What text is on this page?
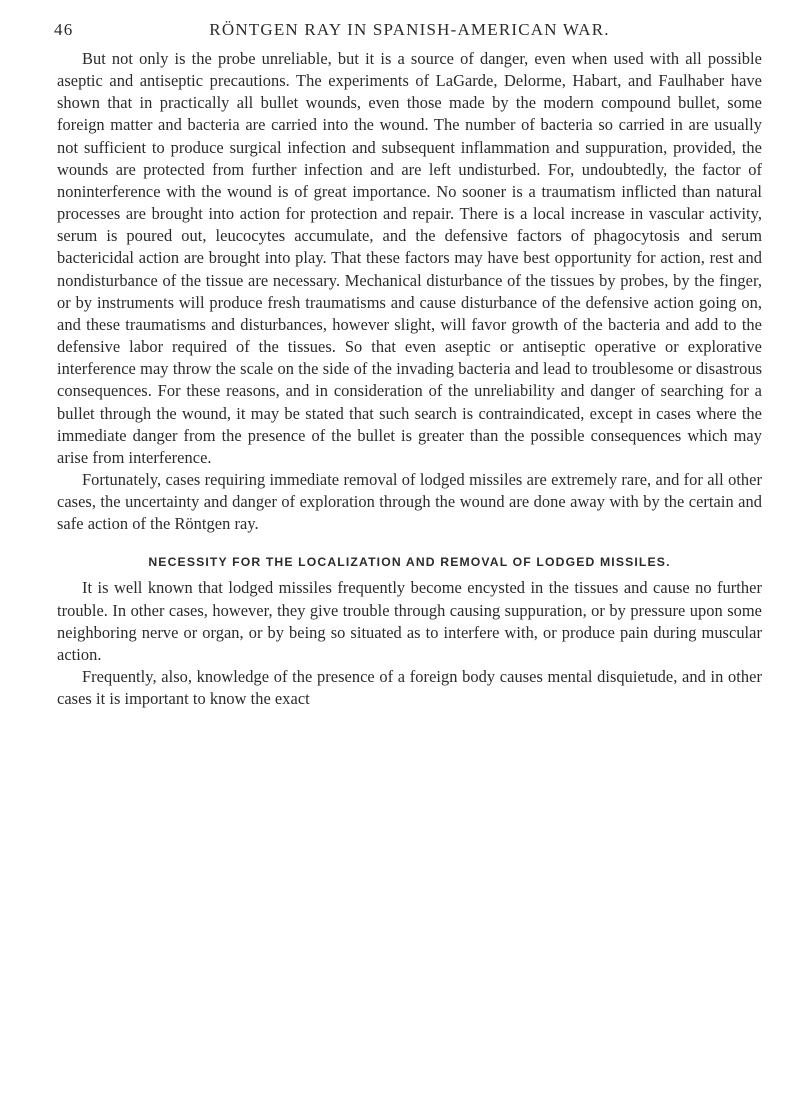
46	RÖNTGEN RAY IN SPANISH-AMERICAN WAR.

But not only is the probe unreliable, but it is a source of danger, even when used with all possible aseptic and antiseptic precautions. The experiments of LaGarde, Delorme, Habart, and Faulhaber have shown that in practically all bullet wounds, even those made by the modern compound bullet, some foreign matter and bacteria are carried into the wound. The number of bacteria so carried in are usually not sufficient to produce surgical infection and subsequent inflammation and suppuration, provided, the wounds are protected from further infection and are left undisturbed. For, undoubtedly, the factor of noninterference with the wound is of great importance. No sooner is a traumatism inflicted than natural processes are brought into action for protection and repair. There is a local increase in vascular activity, serum is poured out, leucocytes accumulate, and the defensive factors of phagocytosis and serum bactericidal action are brought into play. That these factors may have best opportunity for action, rest and nondisturbance of the tissue are necessary. Mechanical disturbance of the tissues by probes, by the finger, or by instruments will produce fresh traumatisms and cause disturbance of the defensive action going on, and these traumatisms and disturbances, however slight, will favor growth of the bacteria and add to the defensive labor required of the tissues. So that even aseptic or antiseptic operative or explorative interference may throw the scale on the side of the invading bacteria and lead to troublesome or disastrous consequences. For these reasons, and in consideration of the unreliability and danger of searching for a bullet through the wound, it may be stated that such search is contraindicated, except in cases where the immediate danger from the presence of the bullet is greater than the possible consequences which may arise from interference.

Fortunately, cases requiring immediate removal of lodged missiles are extremely rare, and for all other cases, the uncertainty and danger of exploration through the wound are done away with by the certain and safe action of the Röntgen ray.

NECESSITY FOR THE LOCALIZATION AND REMOVAL OF LODGED MISSILES.

It is well known that lodged missiles frequently become encysted in the tissues and cause no further trouble. In other cases, however, they give trouble through causing suppuration, or by pressure upon some neighboring nerve or organ, or by being so situated as to interfere with, or produce pain during muscular action.

Frequently, also, knowledge of the presence of a foreign body causes mental disquietude, and in other cases it is important to know the exact
